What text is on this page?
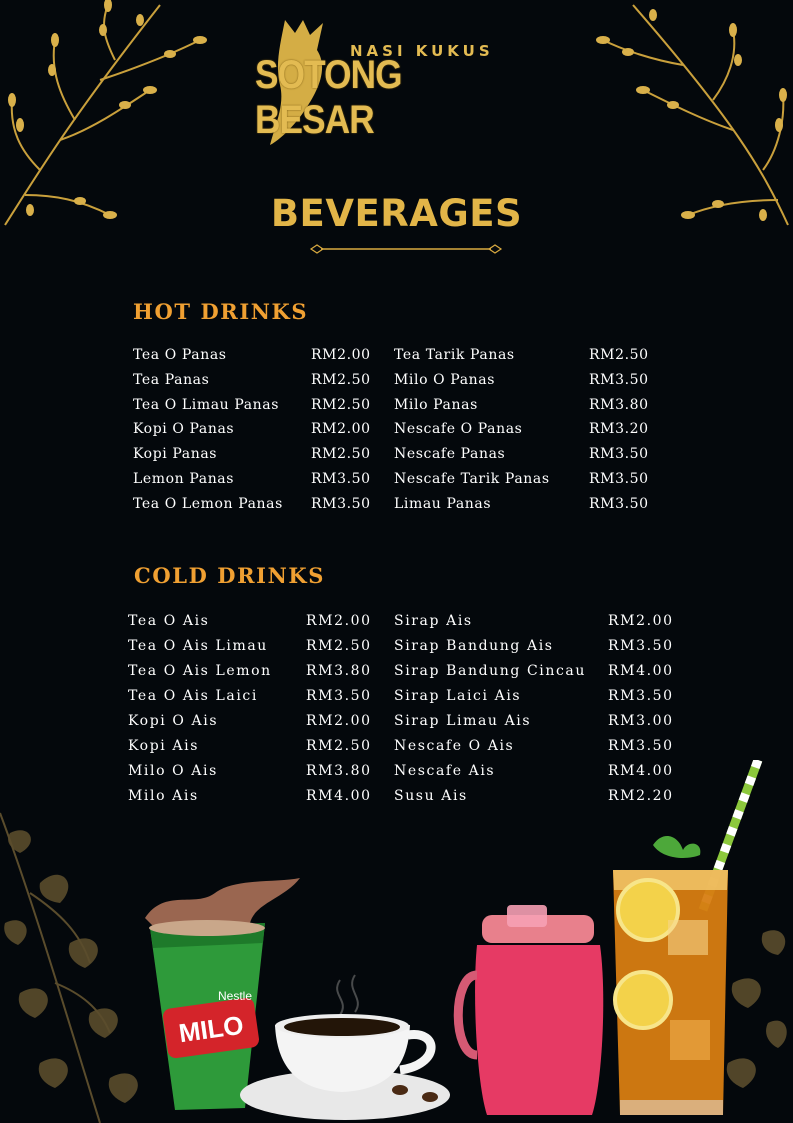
NASI KUKUS
SOTONG BESAR
BEVERAGES
HOT DRINKS
Tea O Panas	RM2.00
Tea Panas	RM2.50
Tea O Limau Panas RM2.50
Kopi O Panas	RM2.00
Kopi Panas	RM2.50
Lemon Panas	RM3.50
Tea O Lemon Panas RM3.50
Tea Tarik Panas	RM2.50
Milo O Panas	RM3.50
Milo Panas	RM3.80
Nescafe O Panas	RM3.20
Nescafe Panas	RM3.50
Nescafe Tarik Panas	RM3.50
Limau Panas	RM3.50
COLD DRINKS
Tea O Ais	RM2.00
Tea O Ais Limau	RM2.50
Tea O Ais Lemon RM3.80
Tea O Ais Laici	RM3.50
Kopi O Ais	RM2.00
Kopi Ais	RM2.50
Milo O Ais	RM3.80
Milo Ais	RM4.00
Sirap Ais	RM2.00
Sirap Bandung Ais	RM3.50
Sirap Bandung Cincau RM4.00
Sirap Laici Ais	RM3.50
Sirap Limau Ais	RM3.00
Nescafe O Ais	RM3.50
Nescafe Ais	RM4.00
Susu Ais	RM2.20
MILO
Nestle
